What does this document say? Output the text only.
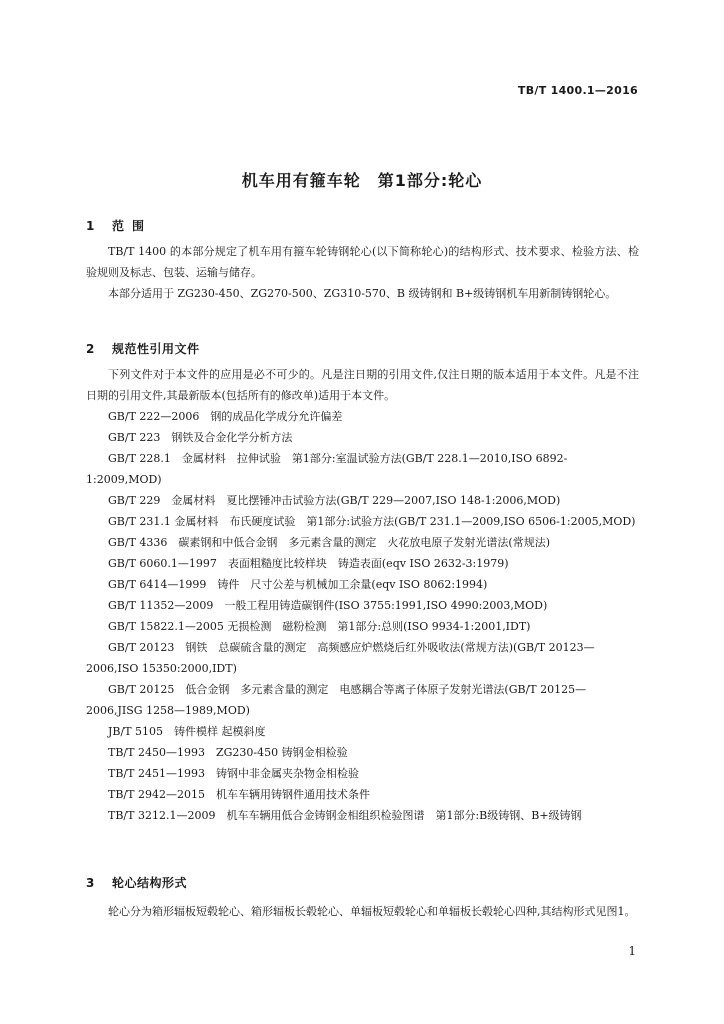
TB/T 1400.1—2016
机车用有箍车轮　第1部分:轮心
1 范围

TB/T 1400 的本部分规定了机车用有箍车轮铸钢轮心(以下简称轮心)的结构形式、技术要求、检验方法、检验规则及标志、包装、运输与储存。

本部分适用于 ZG230-450、ZG270-500、ZG310-570、B 级铸钢和 B+级铸钢机车用新制铸钢轮心。

2 规范性引用文件

下列文件对于本文件的应用是必不可少的。凡是注日期的引用文件,仅注日期的版本适用于本文件。凡是不注日期的引用文件,其最新版本(包括所有的修改单)适用于本文件。

GB/T 222—2006　钢的成品化学成分允许偏差

GB/T 223　钢铁及合金化学分析方法

GB/T 228.1　金属材料　拉伸试验　第1部分:室温试验方法(GB/T 228.1—2010,ISO 6892-1:2009,MOD)

GB/T 229　金属材料　夏比摆锤冲击试验方法(GB/T 229—2007,ISO 148-1:2006,MOD)

GB/T 231.1 金属材料　布氏硬度试验　第1部分:试验方法(GB/T 231.1—2009,ISO 6506-1:2005,MOD)

GB/T 4336　碳素钢和中低合金钢　多元素含量的测定　火花放电原子发射光谱法(常规法)

GB/T 6060.1—1997　表面粗糙度比较样块　铸造表面(eqv ISO 2632-3:1979)

GB/T 6414—1999　铸件　尺寸公差与机械加工余量(eqv ISO 8062:1994)

GB/T 11352—2009　一般工程用铸造碳钢件(ISO 3755:1991,ISO 4990:2003,MOD)

GB/T 15822.1—2005 无损检测　磁粉检测　第1部分:总则(ISO 9934-1:2001,IDT)

GB/T 20123　钢铁　总碳硫含量的测定　高频感应炉燃烧后红外吸收法(常规方法)(GB/T 20123—2006,ISO 15350:2000,IDT)

GB/T 20125　低合金钢　多元素含量的测定　电感耦合等离子体原子发射光谱法(GB/T 20125—2006,JISG 1258—1989,MOD)

JB/T 5105　铸件模样 起模斜度

TB/T 2450—1993　ZG230-450 铸钢金相检验

TB/T 2451—1993　铸钢中非金属夹杂物金相检验

TB/T 2942—2015　机车车辆用铸钢件通用技术条件

TB/T 3212.1—2009　机车车辆用低合金铸钢金相组织检验图谱　第1部分:B级铸钢、B+级铸钢

3 轮心结构形式

轮心分为箱形辐板短毂轮心、箱形辐板长毂轮心、单辐板短毂轮心和单辐板长毂轮心四种,其结构形式见图1。

1
